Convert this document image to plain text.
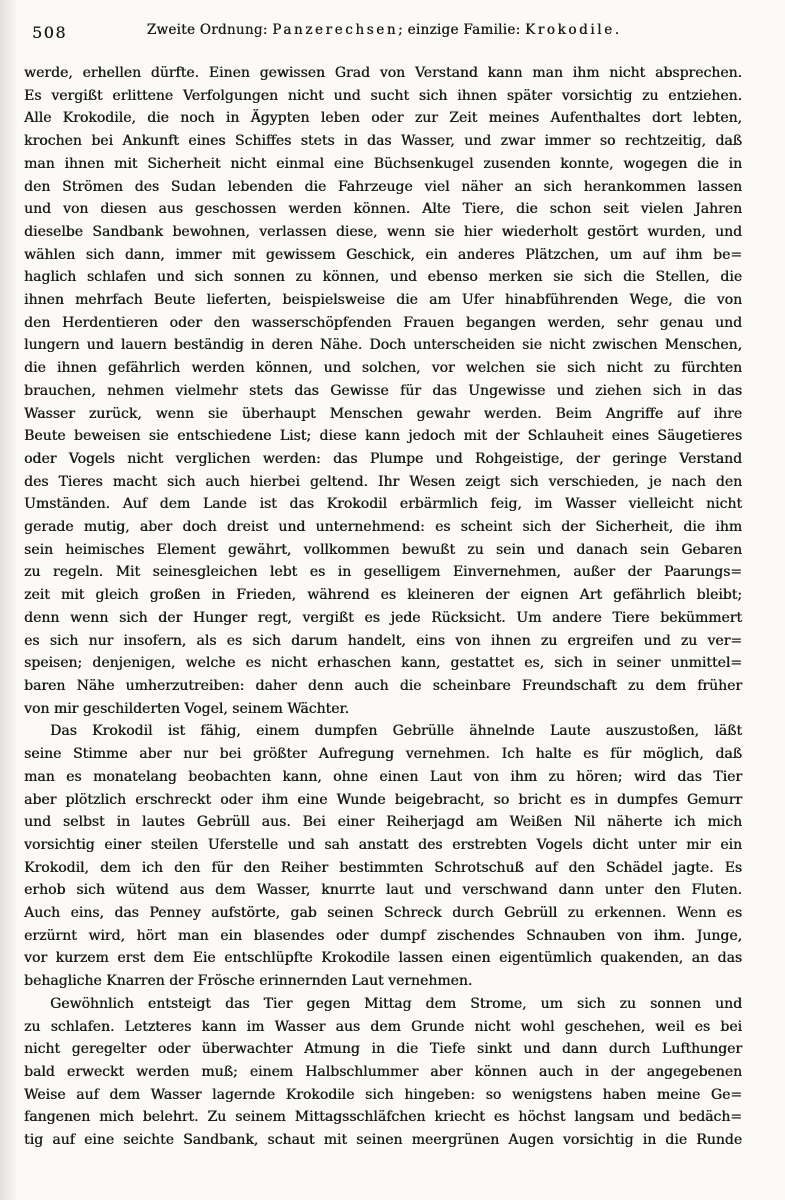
508	Zweite Ordnung: Panzerechsen; einzige Familie: Krokodile.
werde, erhellen dürfte. Einen gewissen Grad von Verstand kann man ihm nicht absprechen.
Es vergißt erlittene Verfolgungen nicht und sucht sich ihnen später vorsichtig zu entziehen.
Alle Krokodile, die noch in Ägypten leben oder zur Zeit meines Aufenthaltes dort lebten,
krochen bei Ankunft eines Schiffes stets in das Wasser, und zwar immer so rechtzeitig, daß
man ihnen mit Sicherheit nicht einmal eine Büchsenkugel zusenden konnte, wogegen die in
den Strömen des Sudan lebenden die Fahrzeuge viel näher an sich herankommen lassen
und von diesen aus geschossen werden können. Alte Tiere, die schon seit vielen Jahren
dieselbe Sandbank bewohnen, verlassen diese, wenn sie hier wiederholt gestört wurden, und
wählen sich dann, immer mit gewissem Geschick, ein anderes Plätzchen, um auf ihm be=
haglich schlafen und sich sonnen zu können, und ebenso merken sie sich die Stellen, die
ihnen mehrfach Beute lieferten, beispielsweise die am Ufer hinabführenden Wege, die von
den Herdentieren oder den wasserschöpfenden Frauen begangen werden, sehr genau und
lungern und lauern beständig in deren Nähe. Doch unterscheiden sie nicht zwischen Menschen,
die ihnen gefährlich werden können, und solchen, vor welchen sie sich nicht zu fürchten
brauchen, nehmen vielmehr stets das Gewisse für das Ungewisse und ziehen sich in das
Wasser zurück, wenn sie überhaupt Menschen gewahr werden. Beim Angriffe auf ihre
Beute beweisen sie entschiedene List; diese kann jedoch mit der Schlauheit eines Säugetieres
oder Vogels nicht verglichen werden: das Plumpe und Rohgeistige, der geringe Verstand
des Tieres macht sich auch hierbei geltend. Ihr Wesen zeigt sich verschieden, je nach den
Umständen. Auf dem Lande ist das Krokodil erbärmlich feig, im Wasser vielleicht nicht
gerade mutig, aber doch dreist und unternehmend: es scheint sich der Sicherheit, die ihm
sein heimisches Element gewährt, vollkommen bewußt zu sein und danach sein Gebaren
zu regeln. Mit seinesgleichen lebt es in geselligem Einvernehmen, außer der Paarungs=
zeit mit gleich großen in Frieden, während es kleineren der eignen Art gefährlich bleibt;
denn wenn sich der Hunger regt, vergißt es jede Rücksicht. Um andere Tiere bekümmert
es sich nur insofern, als es sich darum handelt, eins von ihnen zu ergreifen und zu ver=
speisen; denjenigen, welche es nicht erhaschen kann, gestattet es, sich in seiner unmittel=
baren Nähe umherzutreiben: daher denn auch die scheinbare Freundschaft zu dem früher
von mir geschilderten Vogel, seinem Wächter.
Das Krokodil ist fähig, einem dumpfen Gebrülle ähnelnde Laute auszustoßen, läßt
seine Stimme aber nur bei größter Aufregung vernehmen. Ich halte es für möglich, daß
man es monatelang beobachten kann, ohne einen Laut von ihm zu hören; wird das Tier
aber plötzlich erschreckt oder ihm eine Wunde beigebracht, so bricht es in dumpfes Gemurr
und selbst in lautes Gebrüll aus. Bei einer Reiherjagd am Weißen Nil näherte ich mich
vorsichtig einer steilen Uferstelle und sah anstatt des erstrebten Vogels dicht unter mir ein
Krokodil, dem ich den für den Reiher bestimmten Schrotschuß auf den Schädel jagte. Es
erhob sich wütend aus dem Wasser, knurrte laut und verschwand dann unter den Fluten.
Auch eins, das Penney aufstörte, gab seinen Schreck durch Gebrüll zu erkennen. Wenn es
erzürnt wird, hört man ein blasendes oder dumpf zischendes Schnauben von ihm. Junge,
vor kurzem erst dem Eie entschlüpfte Krokodile lassen einen eigentümlich quakenden, an das
behagliche Knarren der Frösche erinnernden Laut vernehmen.
Gewöhnlich entsteigt das Tier gegen Mittag dem Strome, um sich zu sonnen und
zu schlafen. Letzteres kann im Wasser aus dem Grunde nicht wohl geschehen, weil es bei
nicht geregelter oder überwachter Atmung in die Tiefe sinkt und dann durch Lufthunger
bald erweckt werden muß; einem Halbschlummer aber können auch in der angegebenen
Weise auf dem Wasser lagernde Krokodile sich hingeben: so wenigstens haben meine Ge=
fangenen mich belehrt. Zu seinem Mittagsschläfchen kriecht es höchst langsam und bedäch=
tig auf eine seichte Sandbank, schaut mit seinen meergrünen Augen vorsichtig in die Runde
